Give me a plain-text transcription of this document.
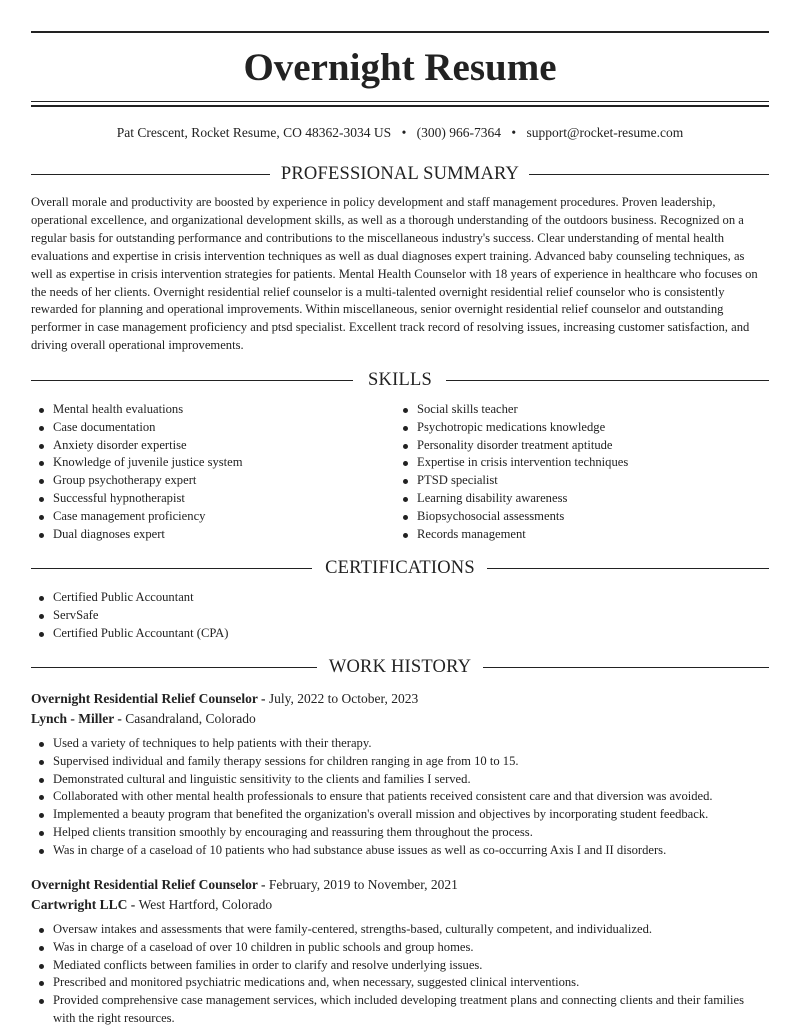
Overnight Resume
Pat Crescent, Rocket Resume, CO 48362-3034 US • (300) 966-7364 • support@rocket-resume.com
PROFESSIONAL SUMMARY

Overall morale and productivity are boosted by experience in policy development and staff management procedures. Proven leadership, operational excellence, and organizational development skills, as well as a thorough understanding of the outdoors business. Recognized on a regular basis for outstanding performance and contributions to the miscellaneous industry's success. Clear understanding of mental health evaluations and expertise in crisis intervention techniques as well as dual diagnoses expert training. Advanced baby counseling techniques, as well as expertise in crisis intervention strategies for patients. Mental Health Counselor with 18 years of experience in healthcare who focuses on the needs of her clients. Overnight residential relief counselor is a multi-talented overnight residential relief counselor who is consistently rewarded for planning and operational improvements. Within miscellaneous, senior overnight residential relief counselor and outstanding performer in case management proficiency and ptsd specialist. Excellent track record of resolving issues, increasing customer satisfaction, and driving overall operational improvements.

SKILLS
Mental health evaluations
Case documentation
Anxiety disorder expertise
Knowledge of juvenile justice system
Group psychotherapy expert
Successful hypnotherapist
Case management proficiency
Dual diagnoses expert
Social skills teacher
Psychotropic medications knowledge
Personality disorder treatment aptitude
Expertise in crisis intervention techniques
PTSD specialist
Learning disability awareness
Biopsychosocial assessments
Records management
CERTIFICATIONS
Certified Public Accountant
ServSafe
Certified Public Accountant (CPA)
WORK HISTORY
Overnight Residential Relief Counselor - July, 2022 to October, 2023
Lynch - Miller - Casandraland, Colorado
Used a variety of techniques to help patients with their therapy.
Supervised individual and family therapy sessions for children ranging in age from 10 to 15.
Demonstrated cultural and linguistic sensitivity to the clients and families I served.
Collaborated with other mental health professionals to ensure that patients received consistent care and that diversion was avoided.
Implemented a beauty program that benefited the organization's overall mission and objectives by incorporating student feedback.
Helped clients transition smoothly by encouraging and reassuring them throughout the process.
Was in charge of a caseload of 10 patients who had substance abuse issues as well as co-occurring Axis I and II disorders.
Overnight Residential Relief Counselor - February, 2019 to November, 2021
Cartwright LLC - West Hartford, Colorado
Oversaw intakes and assessments that were family-centered, strengths-based, culturally competent, and individualized.
Was in charge of a caseload of over 10 children in public schools and group homes.
Mediated conflicts between families in order to clarify and resolve underlying issues.
Prescribed and monitored psychiatric medications and, when necessary, suggested clinical interventions.
Provided comprehensive case management services, which included developing treatment plans and connecting clients and their families with the right resources.
